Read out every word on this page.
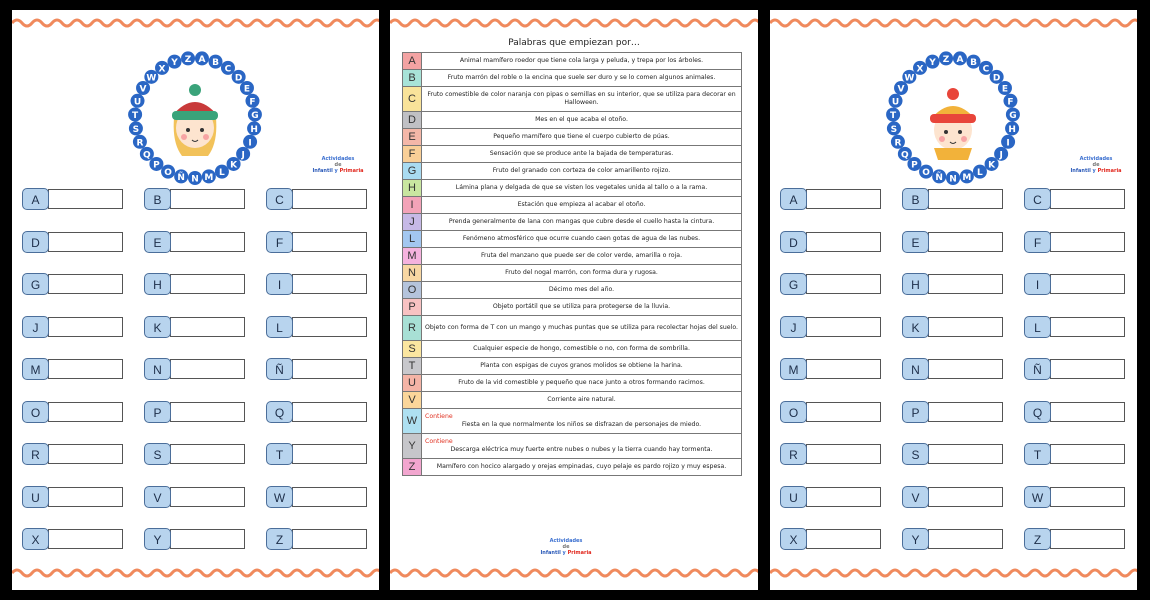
A B
C
D
E
F
G
H
I
J
K
L
M
N
Ñ
O
P
Q
R
S
T
U
V
W
X
Y Z
Actividades
de
Infantil y Primaria
A	B	C
D	E	F
G	H	I
J	K	L
M	N	Ñ
O	P	Q
R	S	T
U	V	W
X	Y	Z
Palabras que empiezan por…
A	Animal mamífero roedor que tiene cola larga y peluda, y trepa por los árboles.
B	Fruto marrón del roble o la encina que suele ser duro y se lo comen algunos animales.
C	Fruto comestible de color naranja con pipas o semillas en su interior, que se utiliza para decorar en Halloween.
D	Mes en el que acaba el otoño.
E	Pequeño mamífero que tiene el cuerpo cubierto de púas.
F	Sensación que se produce ante la bajada de temperaturas.
G	Fruto del granado con corteza de color amarillento rojizo.
H	Lámina plana y delgada de que se visten los vegetales unida al tallo o a la rama.
I	Estación que empieza al acabar el otoño.
J	Prenda generalmente de lana con mangas que cubre desde el cuello hasta la cintura.
L	Fenómeno atmosférico que ocurre cuando caen gotas de agua de las nubes.
M	Fruta del manzano que puede ser de color verde, amarilla o roja.
N	Fruto del nogal marrón, con forma dura y rugosa.
O	Décimo mes del año.
P	Objeto portátil que se utiliza para protegerse de la lluvia.
R	Objeto con forma de T con un mango y muchas puntas que se utiliza para recolectar hojas del suelo.
S	Cualquier especie de hongo, comestible o no, con forma de sombrilla.
T	Planta con espigas de cuyos granos molidos se obtiene la harina.
U	Fruto de la vid comestible y pequeño que nace junto a otros formando racimos.
V	Corriente aire natural.
W	Contiene
Fiesta en la que normalmente los niños se disfrazan de personajes de miedo.
Y	Contiene
Descarga eléctrica muy fuerte entre nubes o nubes y la tierra cuando hay tormenta.
Z	Mamífero con hocico alargado y orejas empinadas, cuyo pelaje es pardo rojizo y muy espesa.
Actividades
de
Infantil y Primaria
A B
C
D
E
F
G
H
I
J
K
L
M
N
Ñ
O
P
Q
R
S
T
U
V
W
X
Y Z
Actividades
de
Infantil y Primaria
A	B	C
D	E	F
G	H	I
J	K	L
M	N	Ñ
O	P	Q
R	S	T
U	V	W
X	Y	Z
